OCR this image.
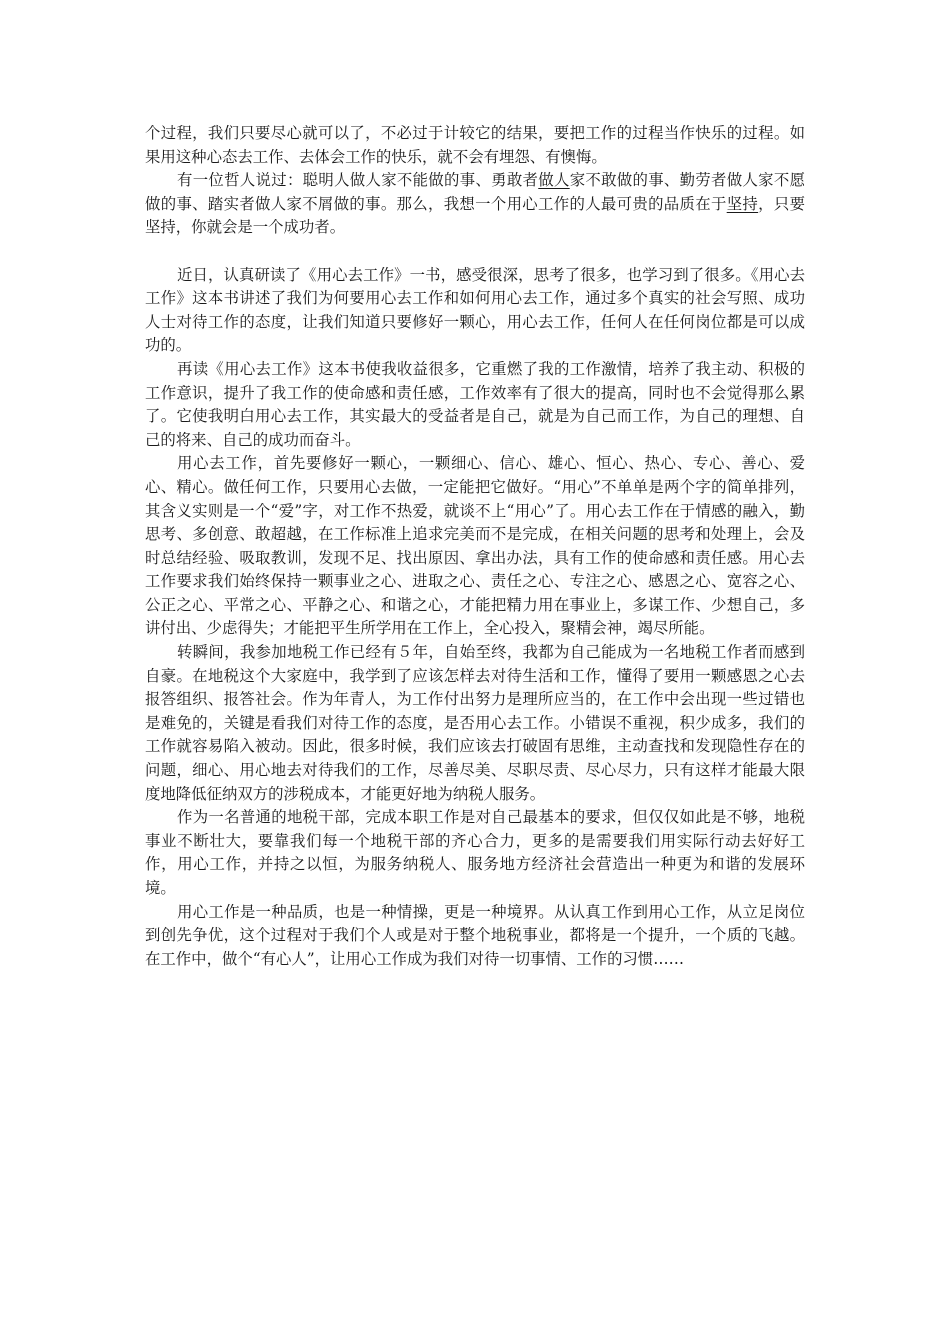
个过程，我们只要尽心就可以了，不必过于计较它的结果，要把工作的过程当作快乐的过程。如果用这种心态去工作、去体会工作的快乐，就不会有埋怨、有懊悔。

有一位哲人说过：聪明人做人家不能做的事、勇敢者做人家不敢做的事、勤劳者做人家不愿做的事、踏实者做人家不屑做的事。那么，我想一个用心工作的人最可贵的品质在于坚持，只要坚持，你就会是一个成功者。

近日，认真研读了《用心去工作》一书，感受很深，思考了很多，也学习到了很多。《用心去工作》这本书讲述了我们为何要用心去工作和如何用心去工作，通过多个真实的社会写照、成功人士对待工作的态度，让我们知道只要修好一颗心，用心去工作，任何人在任何岗位都是可以成功的。

再读《用心去工作》这本书使我收益很多，它重燃了我的工作激情，培养了我主动、积极的工作意识，提升了我工作的使命感和责任感，工作效率有了很大的提高，同时也不会觉得那么累了。它使我明白用心去工作，其实最大的受益者是自己，就是为自己而工作，为自己的理想、自己的将来、自己的成功而奋斗。

用心去工作，首先要修好一颗心，一颗细心、信心、雄心、恒心、热心、专心、善心、爱心、精心。做任何工作，只要用心去做，一定能把它做好。“用心”不单单是两个字的简单排列，其含义实则是一个“爱”字，对工作不热爱，就谈不上“用心”了。用心去工作在于情感的融入，勤思考、多创意、敢超越，在工作标准上追求完美而不是完成，在相关问题的思考和处理上，会及时总结经验、吸取教训，发现不足、找出原因、拿出办法，具有工作的使命感和责任感。用心去工作要求我们始终保持一颗事业之心、进取之心、责任之心、专注之心、感恩之心、宽容之心、公正之心、平常之心、平静之心、和谐之心，才能把精力用在事业上，多谋工作、少想自己，多讲付出、少虑得失；才能把平生所学用在工作上，全心投入，聚精会神，竭尽所能。

转瞬间，我参加地税工作已经有５年，自始至终，我都为自己能成为一名地税工作者而感到自豪。在地税这个大家庭中，我学到了应该怎样去对待生活和工作，懂得了要用一颗感恩之心去报答组织、报答社会。作为年青人，为工作付出努力是理所应当的，在工作中会出现一些过错也是难免的，关键是看我们对待工作的态度，是否用心去工作。小错误不重视，积少成多，我们的工作就容易陷入被动。因此，很多时候，我们应该去打破固有思维，主动查找和发现隐性存在的问题，细心、用心地去对待我们的工作，尽善尽美、尽职尽责、尽心尽力，只有这样才能最大限度地降低征纳双方的涉税成本，才能更好地为纳税人服务。

作为一名普通的地税干部，完成本职工作是对自己最基本的要求，但仅仅如此是不够，地税事业不断壮大，要靠我们每一个地税干部的齐心合力，更多的是需要我们用实际行动去好好工作，用心工作，并持之以恒，为服务纳税人、服务地方经济社会营造出一种更为和谐的发展环境。

用心工作是一种品质，也是一种情操，更是一种境界。从认真工作到用心工作，从立足岗位到创先争优，这个过程对于我们个人或是对于整个地税事业，都将是一个提升，一个质的飞越。在工作中，做个“有心人”，让用心工作成为我们对待一切事情、工作的习惯……
